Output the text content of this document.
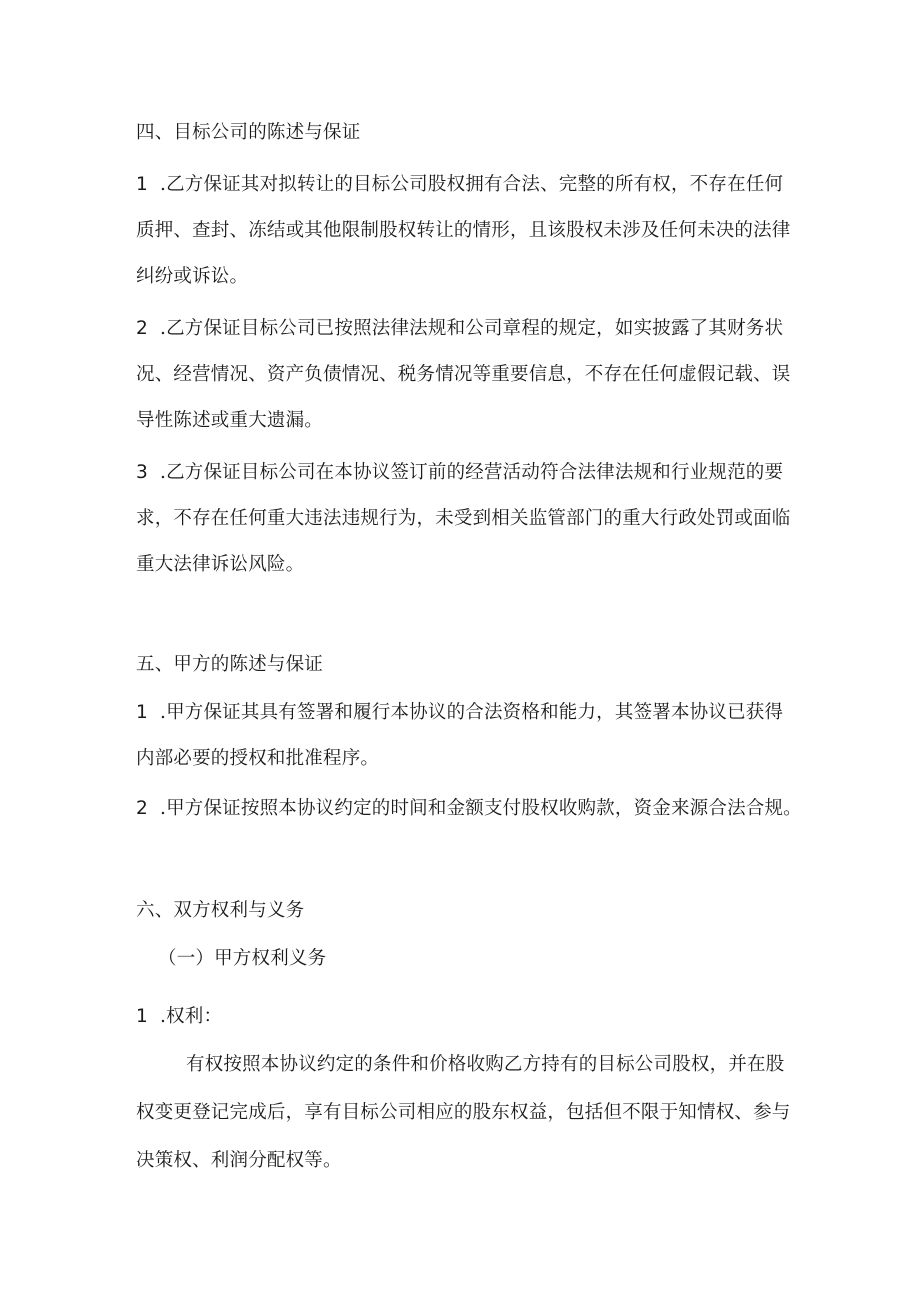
四、目标公司的陈述与保证
1 .乙方保证其对拟转让的目标公司股权拥有合法、完整的所有权，不存在任何
质押、查封、冻结或其他限制股权转让的情形，且该股权未涉及任何未决的法律
纠纷或诉讼。
2 .乙方保证目标公司已按照法律法规和公司章程的规定，如实披露了其财务状
况、经营情况、资产负债情况、税务情况等重要信息，不存在任何虚假记载、误
导性陈述或重大遗漏。
3 .乙方保证目标公司在本协议签订前的经营活动符合法律法规和行业规范的要
求，不存在任何重大违法违规行为，未受到相关监管部门的重大行政处罚或面临
重大法律诉讼风险。
五、甲方的陈述与保证
1 .甲方保证其具有签署和履行本协议的合法资格和能力，其签署本协议已获得
内部必要的授权和批准程序。
2 .甲方保证按照本协议约定的时间和金额支付股权收购款，资金来源合法合规。
六、双方权利与义务
（一）甲方权利义务
1 .权利：
有权按照本协议约定的条件和价格收购乙方持有的目标公司股权，并在股
权变更登记完成后，享有目标公司相应的股东权益，包括但不限于知情权、参与
决策权、利润分配权等。
